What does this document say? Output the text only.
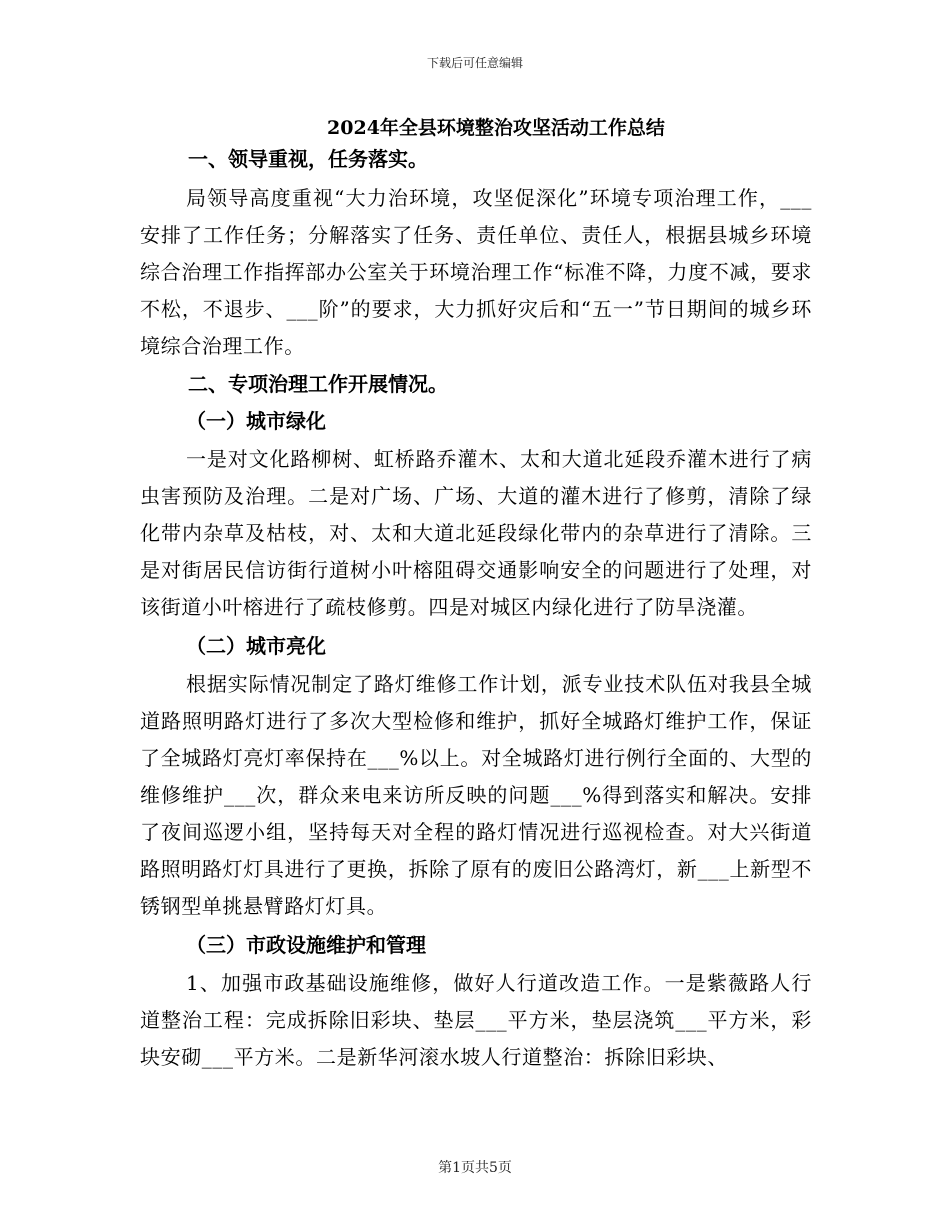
下载后可任意编辑

2024年全县环境整治攻坚活动工作总结

一、领导重视，任务落实。

局领导高度重视“大力治环境，攻坚促深化”环境专项治理工作，___安排了工作任务；分解落实了任务、责任单位、责任人，根据县城乡环境综合治理工作指挥部办公室关于环境治理工作“标准不降，力度不减，要求不松，不退步、___阶”的要求，大力抓好灾后和“五一”节日期间的城乡环境综合治理工作。

二、专项治理工作开展情况。

（一）城市绿化

一是对文化路柳树、虹桥路乔灌木、太和大道北延段乔灌木进行了病虫害预防及治理。二是对广场、广场、大道的灌木进行了修剪，清除了绿化带内杂草及枯枝，对、太和大道北延段绿化带内的杂草进行了清除。三是对街居民信访街行道树小叶榕阻碍交通影响安全的问题进行了处理，对该街道小叶榕进行了疏枝修剪。四是对城区内绿化进行了防旱浇灌。

（二）城市亮化

根据实际情况制定了路灯维修工作计划，派专业技术队伍对我县全城道路照明路灯进行了多次大型检修和维护，抓好全城路灯维护工作，保证了全城路灯亮灯率保持在___%以上。对全城路灯进行例行全面的、大型的维修维护___次，群众来电来访所反映的问题___%得到落实和解决。安排了夜间巡逻小组，坚持每天对全程的路灯情况进行巡视检查。对大兴街道路照明路灯灯具进行了更换，拆除了原有的废旧公路湾灯，新___上新型不锈钢型单挑悬臂路灯灯具。

（三）市政设施维护和管理

1、加强市政基础设施维修，做好人行道改造工作。一是紫薇路人行道整治工程：完成拆除旧彩块、垫层___平方米，垫层浇筑___平方米，彩块安砌___平方米。二是新华河滚水坡人行道整治：拆除旧彩块、

第1页共5页
